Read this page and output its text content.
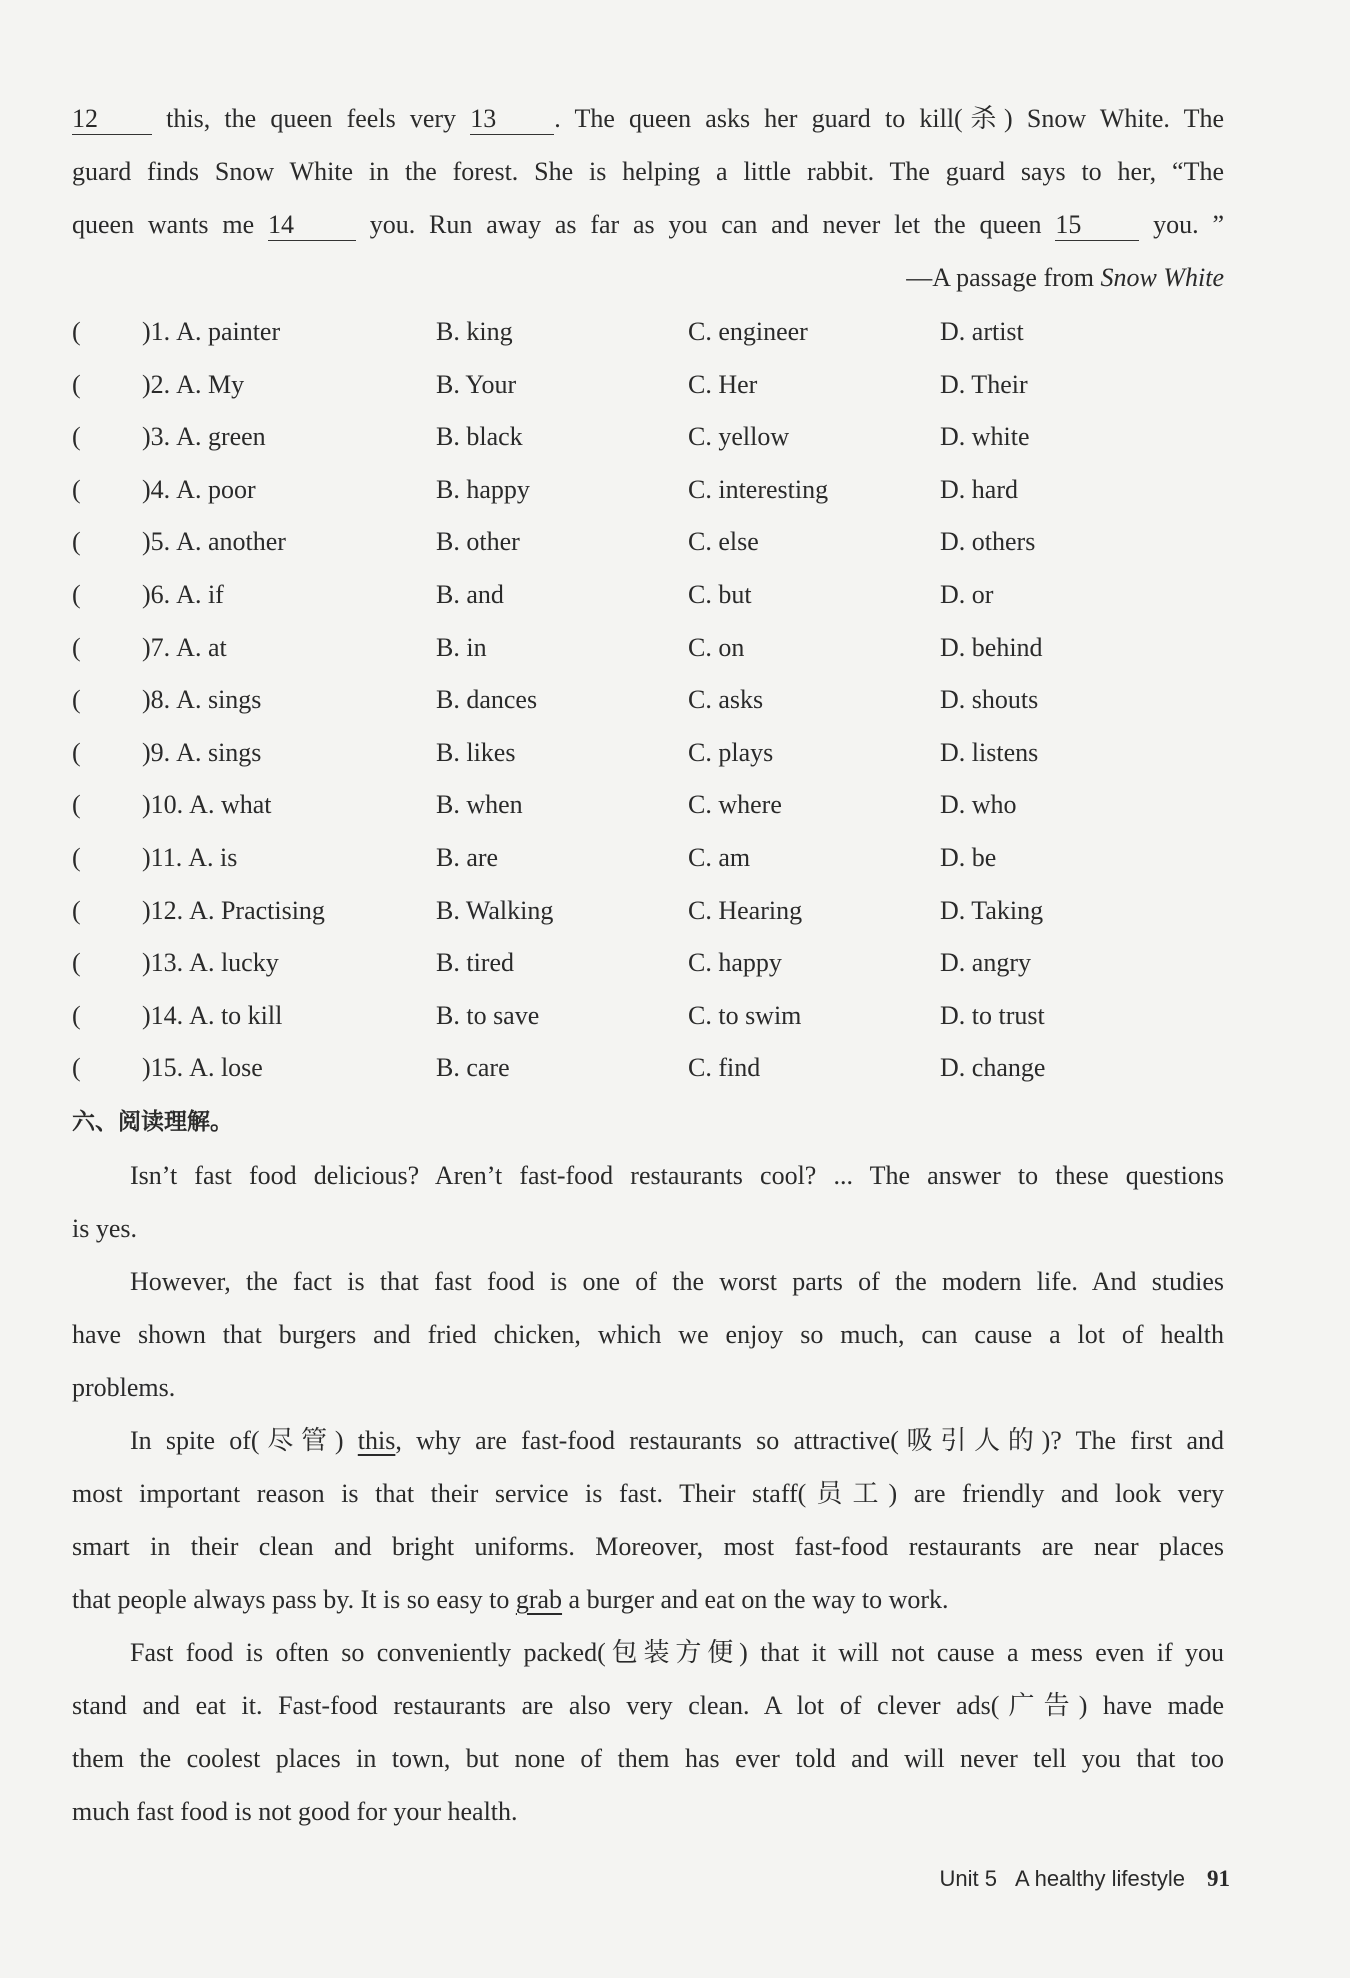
12 this, the queen feels very 13 . The queen asks her guard to kill(杀) Snow White. The
guard finds Snow White in the forest. She is helping a little rabbit. The guard says to her, “The
queen wants me 14 you. Run away as far as you can and never let the queen 15 you. ”
—A passage from Snow White
( )1. A. painter	B. king	C. engineer	D. artist
( )2. A. My	B. Your	C. Her	D. Their
( )3. A. green	B. black	C. yellow	D. white
( )4. A. poor	B. happy	C. interesting	D. hard
( )5. A. another	B. other	C. else	D. others
( )6. A. if	B. and	C. but	D. or
( )7. A. at	B. in	C. on	D. behind
( )8. A. sings	B. dances	C. asks	D. shouts
( )9. A. sings	B. likes	C. plays	D. listens
( )10. A. what	B. when	C. where	D. who
( )11. A. is	B. are	C. am	D. be
( )12. A. Practising	B. Walking	C. Hearing	D. Taking
( )13. A. lucky	B. tired	C. happy	D. angry
( )14. A. to kill	B. to save	C. to swim	D. to trust
( )15. A. lose	B. care	C. find	D. change
六、阅读理解。
Isn’t fast food delicious? Aren’t fast-food restaurants cool? ... The answer to these questions
is yes.
However, the fact is that fast food is one of the worst parts of the modern life. And studies
have shown that burgers and fried chicken, which we enjoy so much, can cause a lot of health
problems.
In spite of(尽管) this, why are fast-food restaurants so attractive(吸引人的)? The first and
most important reason is that their service is fast. Their staff(员工) are friendly and look very
smart in their clean and bright uniforms. Moreover, most fast-food restaurants are near places
that people always pass by. It is so easy to grab a burger and eat on the way to work.
Fast food is often so conveniently packed(包装方便) that it will not cause a mess even if you
stand and eat it. Fast-food restaurants are also very clean. A lot of clever ads(广告) have made
them the coolest places in town, but none of them has ever told and will never tell you that too
much fast food is not good for your health.
Unit 5 A healthy lifestyle 91
